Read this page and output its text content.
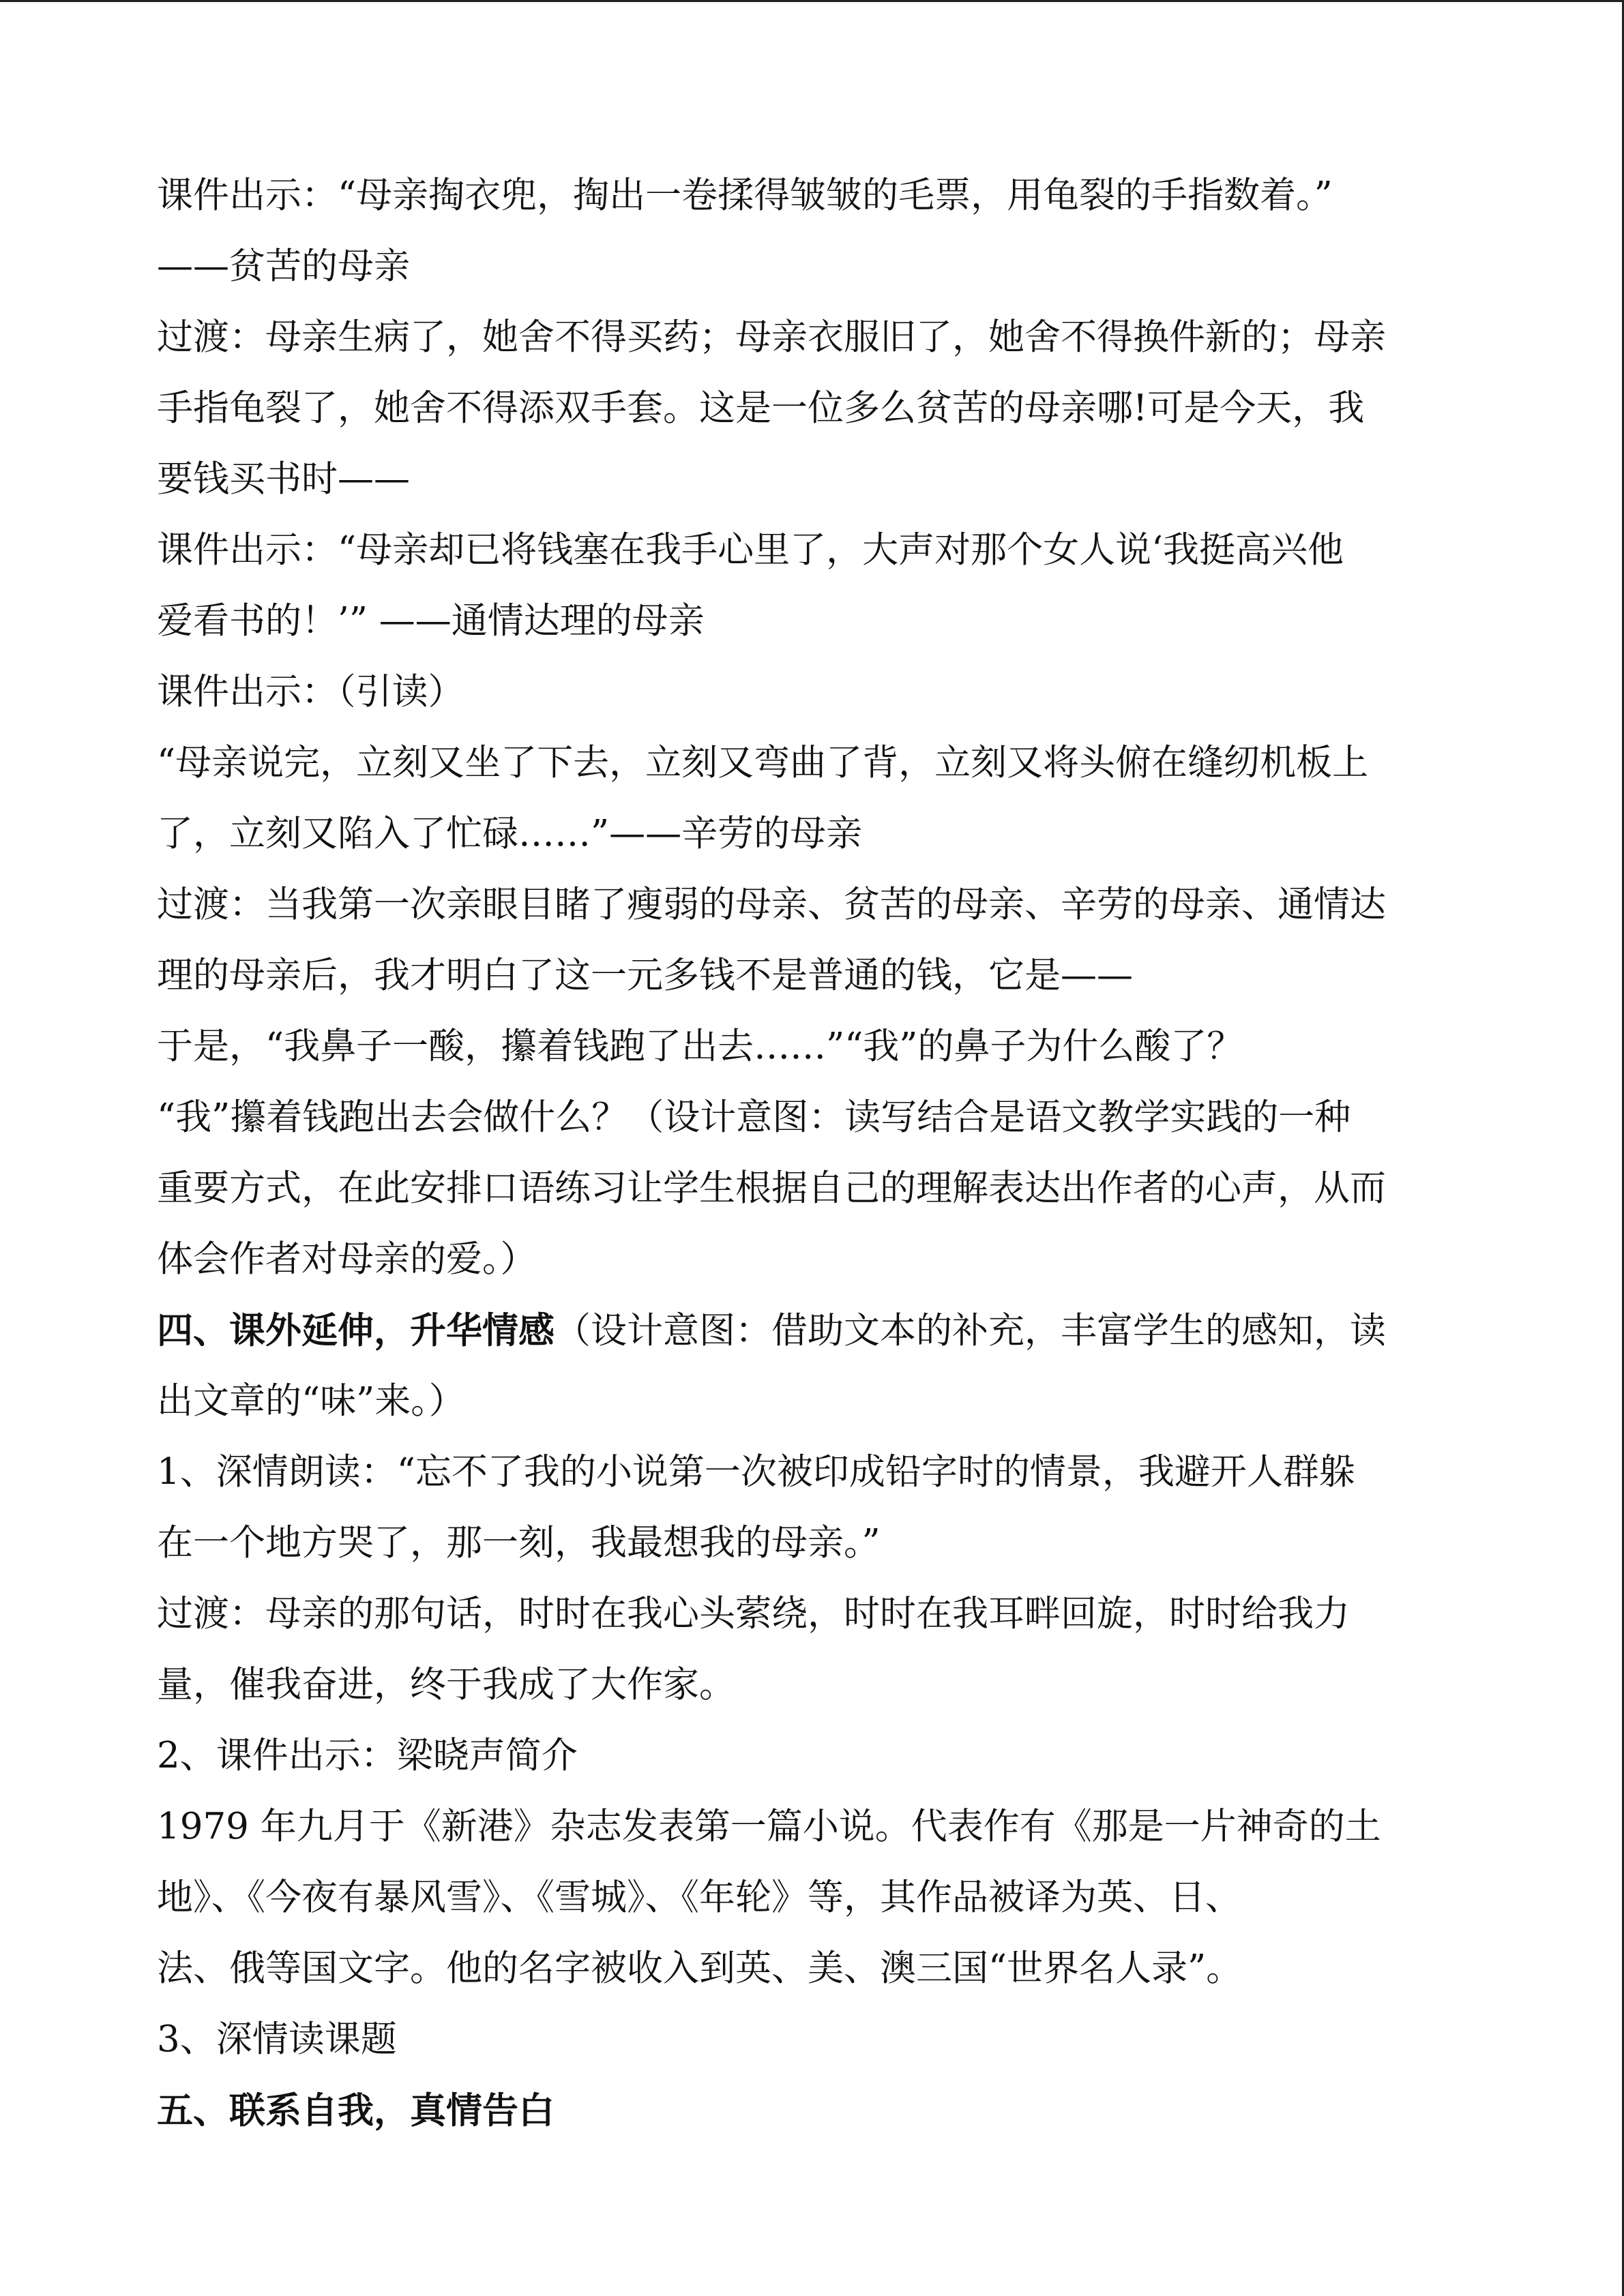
课件出示：“母亲掏衣兜，掏出一卷揉得皱皱的毛票，用龟裂的手指数着。”
——贫苦的母亲
过渡：母亲生病了，她舍不得买药；母亲衣服旧了，她舍不得换件新的；母亲
手指龟裂了，她舍不得添双手套。这是一位多么贫苦的母亲哪!可是今天，我
要钱买书时——
课件出示：“母亲却已将钱塞在我手心里了，大声对那个女人说‘我挺高兴他
爱看书的！’” ——通情达理的母亲
课件出示：（引读）
“母亲说完，立刻又坐了下去，立刻又弯曲了背，立刻又将头俯在缝纫机板上
了，立刻又陷入了忙碌……”——辛劳的母亲
过渡：当我第一次亲眼目睹了瘦弱的母亲、贫苦的母亲、辛劳的母亲、通情达
理的母亲后，我才明白了这一元多钱不是普通的钱，它是——
于是，“我鼻子一酸，攥着钱跑了出去……”“我”的鼻子为什么酸了？
“我”攥着钱跑出去会做什么？（设计意图：读写结合是语文教学实践的一种
重要方式，在此安排口语练习让学生根据自己的理解表达出作者的心声，从而
体会作者对母亲的爱。）
四、课外延伸，升华情感（设计意图：借助文本的补充，丰富学生的感知，读
出文章的“味”来。）
1、深情朗读：“忘不了我的小说第一次被印成铅字时的情景，我避开人群躲
在一个地方哭了，那一刻，我最想我的母亲。”
过渡：母亲的那句话，时时在我心头萦绕，时时在我耳畔回旋，时时给我力
量，催我奋进，终于我成了大作家。
2、课件出示：梁晓声简介
1979 年九月于《新港》杂志发表第一篇小说。代表作有《那是一片神奇的土
地》、《今夜有暴风雪》、《雪城》、《年轮》等，其作品被译为英、日、
法、俄等国文字。他的名字被收入到英、美、澳三国“世界名人录”。
3、深情读课题
五、联系自我，真情告白
